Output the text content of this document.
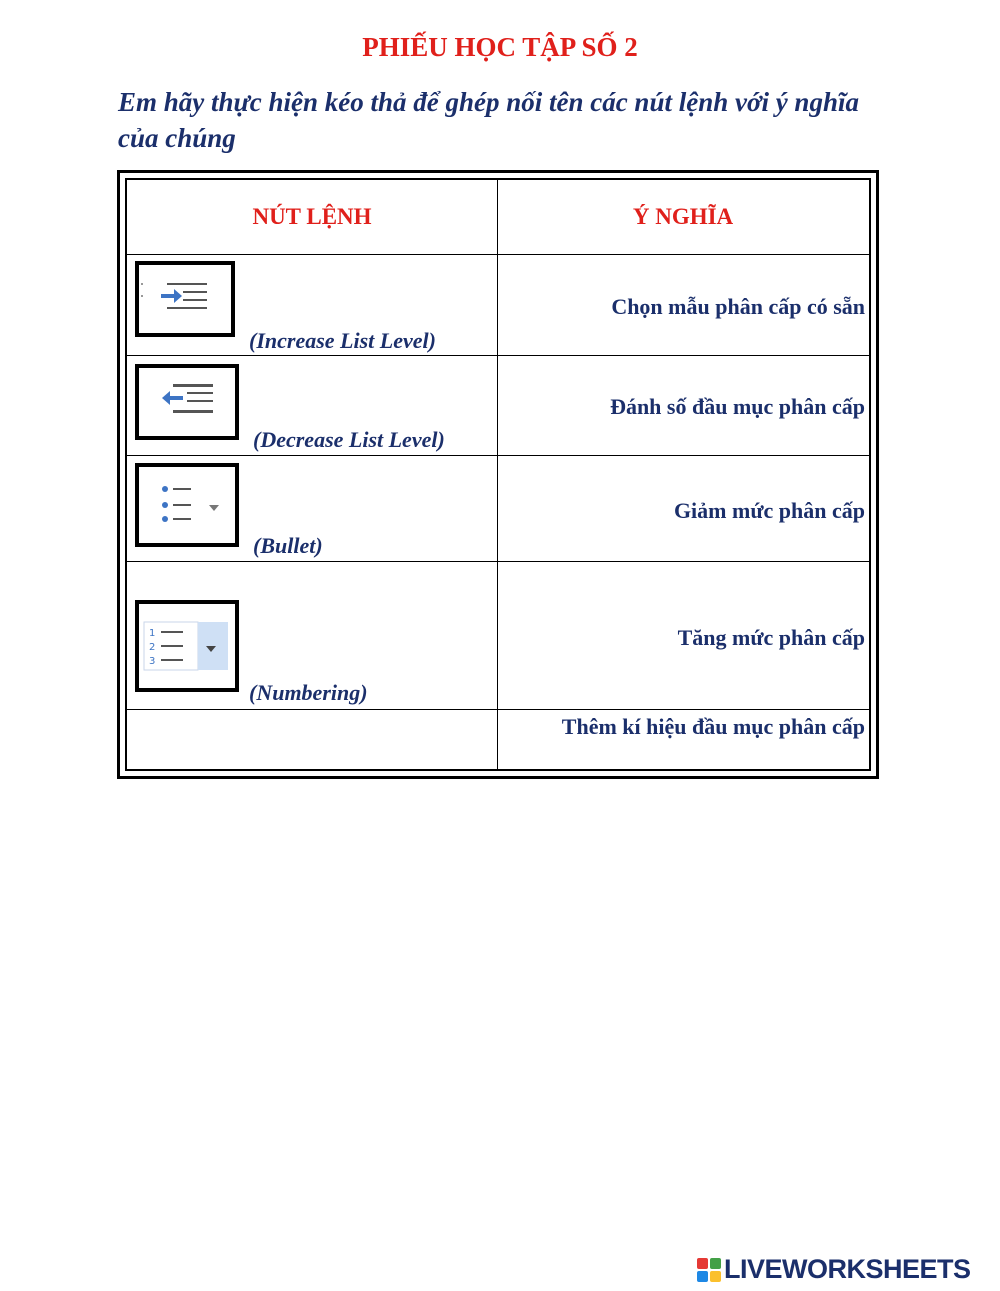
PHIẾU HỌC TẬP SỐ 2
Em hãy thực hiện kéo thả để ghép nối tên các nút lệnh với ý nghĩa của chúng
NÚT LỆNH	Ý NGHĨA
(Increase List Level)
Chọn mẫu phân cấp có sẵn
(Decrease List Level)
Đánh số đầu mục phân cấp
(Bullet)
Giảm mức phân cấp
1
2
3
(Numbering)
Tăng mức phân cấp
Thêm kí hiệu đầu mục phân cấp
LIVEWORKSHEETS
